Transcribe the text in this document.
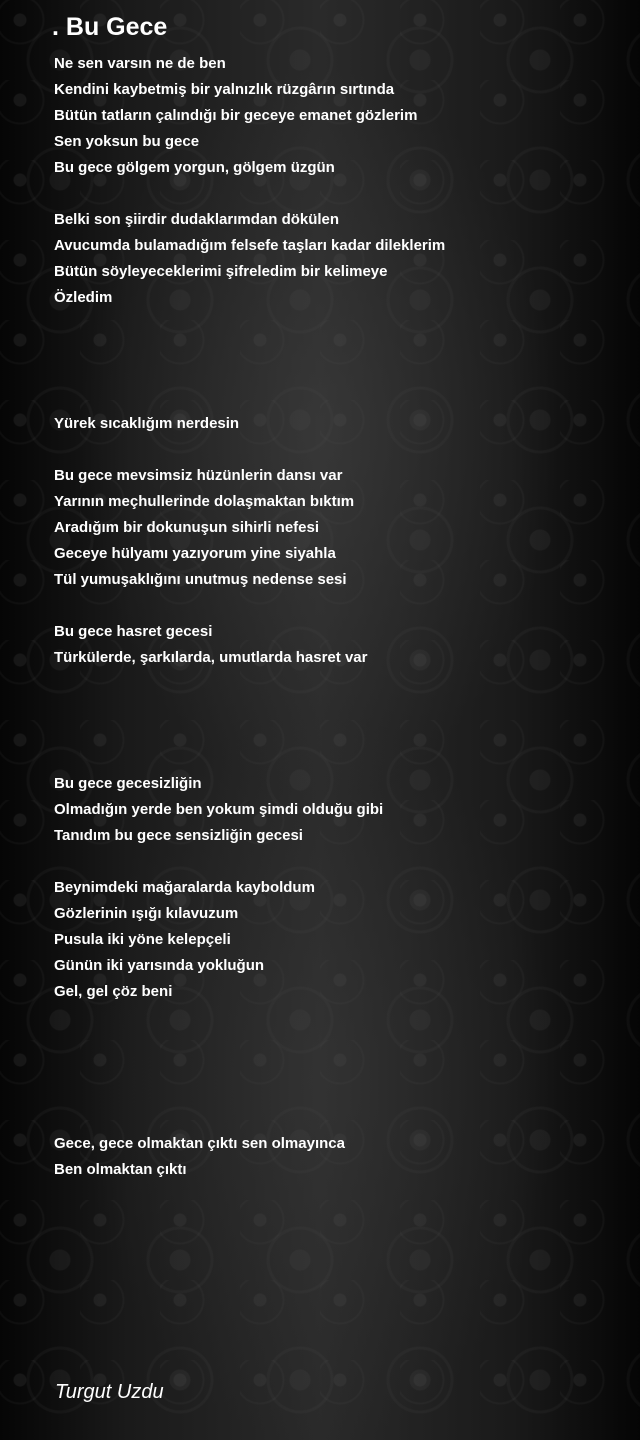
. Bu Gece
Ne sen varsın ne de ben
Kendini kaybetmiş bir yalnızlık rüzgârın sırtında
Bütün tatların çalındığı bir geceye emanet gözlerim
Sen yoksun bu gece
Bu gece gölgem yorgun, gölgem üzgün
Belki son şiirdir dudaklarımdan dökülen
Avucumda bulamadığım felsefe taşları kadar dileklerim
Bütün söyleyeceklerimi şifreledim bir kelimeye
Özledim
Yürek sıcaklığım nerdesin
Bu gece mevsimsiz hüzünlerin dansı var
Yarının meçhullerinde dolaşmaktan bıktım
Aradığım bir dokunuşun sihirli nefesi
Geceye hülyamı yazıyorum yine siyahla
Tül yumuşaklığını unutmuş nedense sesi
Bu gece hasret gecesi
Türkülerde, şarkılarda, umutlarda hasret var
Bu gece gecesizliğin
Olmadığın yerde ben yokum şimdi olduğu gibi
Tanıdım bu gece sensizliğin gecesi
Beynimdeki mağaralarda kayboldum
Gözlerinin ışığı kılavuzum
Pusula iki yöne kelepçeli
Günün iki yarısında yokluğun
Gel, gel çöz beni
Gece, gece olmaktan çıktı sen olmayınca
Ben olmaktan çıktı

Turgut Uzdu
